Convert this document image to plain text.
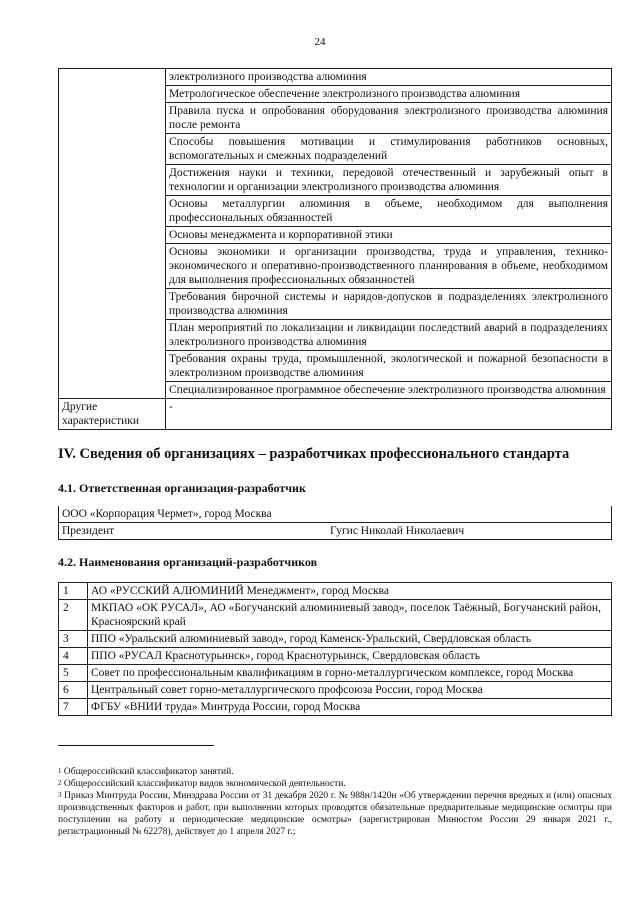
24
	электролизного производства алюминия
	Метрологическое обеспечение электролизного производства алюминия
	Правила пуска и опробования оборудования электролизного производства алюминия после ремонта
	Способы повышения мотивации и стимулирования работников основных, вспомогательных и смежных подразделений
	Достижения науки и техники, передовой отечественный и зарубежный опыт в технологии и организации электролизного производства алюминия
	Основы металлургии алюминия в объеме, необходимом для выполнения профессиональных обязанностей
	Основы менеджмента и корпоративной этики
	Основы экономики и организации производства, труда и управления, технико-экономического и оперативно-производственного планирования в объеме, необходимом для выполнения профессиональных обязанностей
	Требования бирочной системы и нарядов-допусков в подразделениях электролизного производства алюминия
	План мероприятий по локализации и ликвидации последствий аварий в подразделениях электролизного производства алюминия
	Требования охраны труда, промышленной, экологической и пожарной безопасности в электролизном производстве алюминия
	Специализированное программное обеспечение электролизного производства алюминия
Другие характеристики	-
IV. Сведения об организациях – разработчиках профессионального стандарта
4.1. Ответственная организация-разработчик
ООО «Корпорация Чермет», город Москва
Президент	Гугис Николай Николаевич
4.2. Наименования организаций-разработчиков
1	АО «РУССКИЙ АЛЮМИНИЙ Менеджмент», город Москва
2	МКПАО «ОК РУСАЛ», АО «Богучанский алюминиевый завод», поселок Таёжный, Богучанский район, Красноярский край
3	ППО «Уральский алюминиевый завод», город Каменск-Уральский, Свердловская область
4	ППО «РУСАЛ Краснотурьинск», город Краснотурьинск, Свердловская область
5	Совет по профессиональным квалификациям в горно-металлургическом комплексе, город Москва
6	Центральный совет горно-металлургического профсоюза России, город Москва
7	ФГБУ «ВНИИ труда» Минтруда России, город Москва

$^1$ Общероссийский классификатор занятий.

$^2$ Общероссийский классификатор видов экономической деятельности.

$^3$ Приказ Минтруда России, Минздрава России от 31 декабря 2020 г. № 988н/1420н «Об утверждении перечня вредных и (или) опасных производственных факторов и работ, при выполнении которых проводятся обязательные предварительные медицинские осмотры при поступлении на работу и периодические медицинские осмотры» (зарегистрирован Минюстом России 29 января 2021 г., регистрационный № 62278), действует до 1 апреля 2027 г.;
